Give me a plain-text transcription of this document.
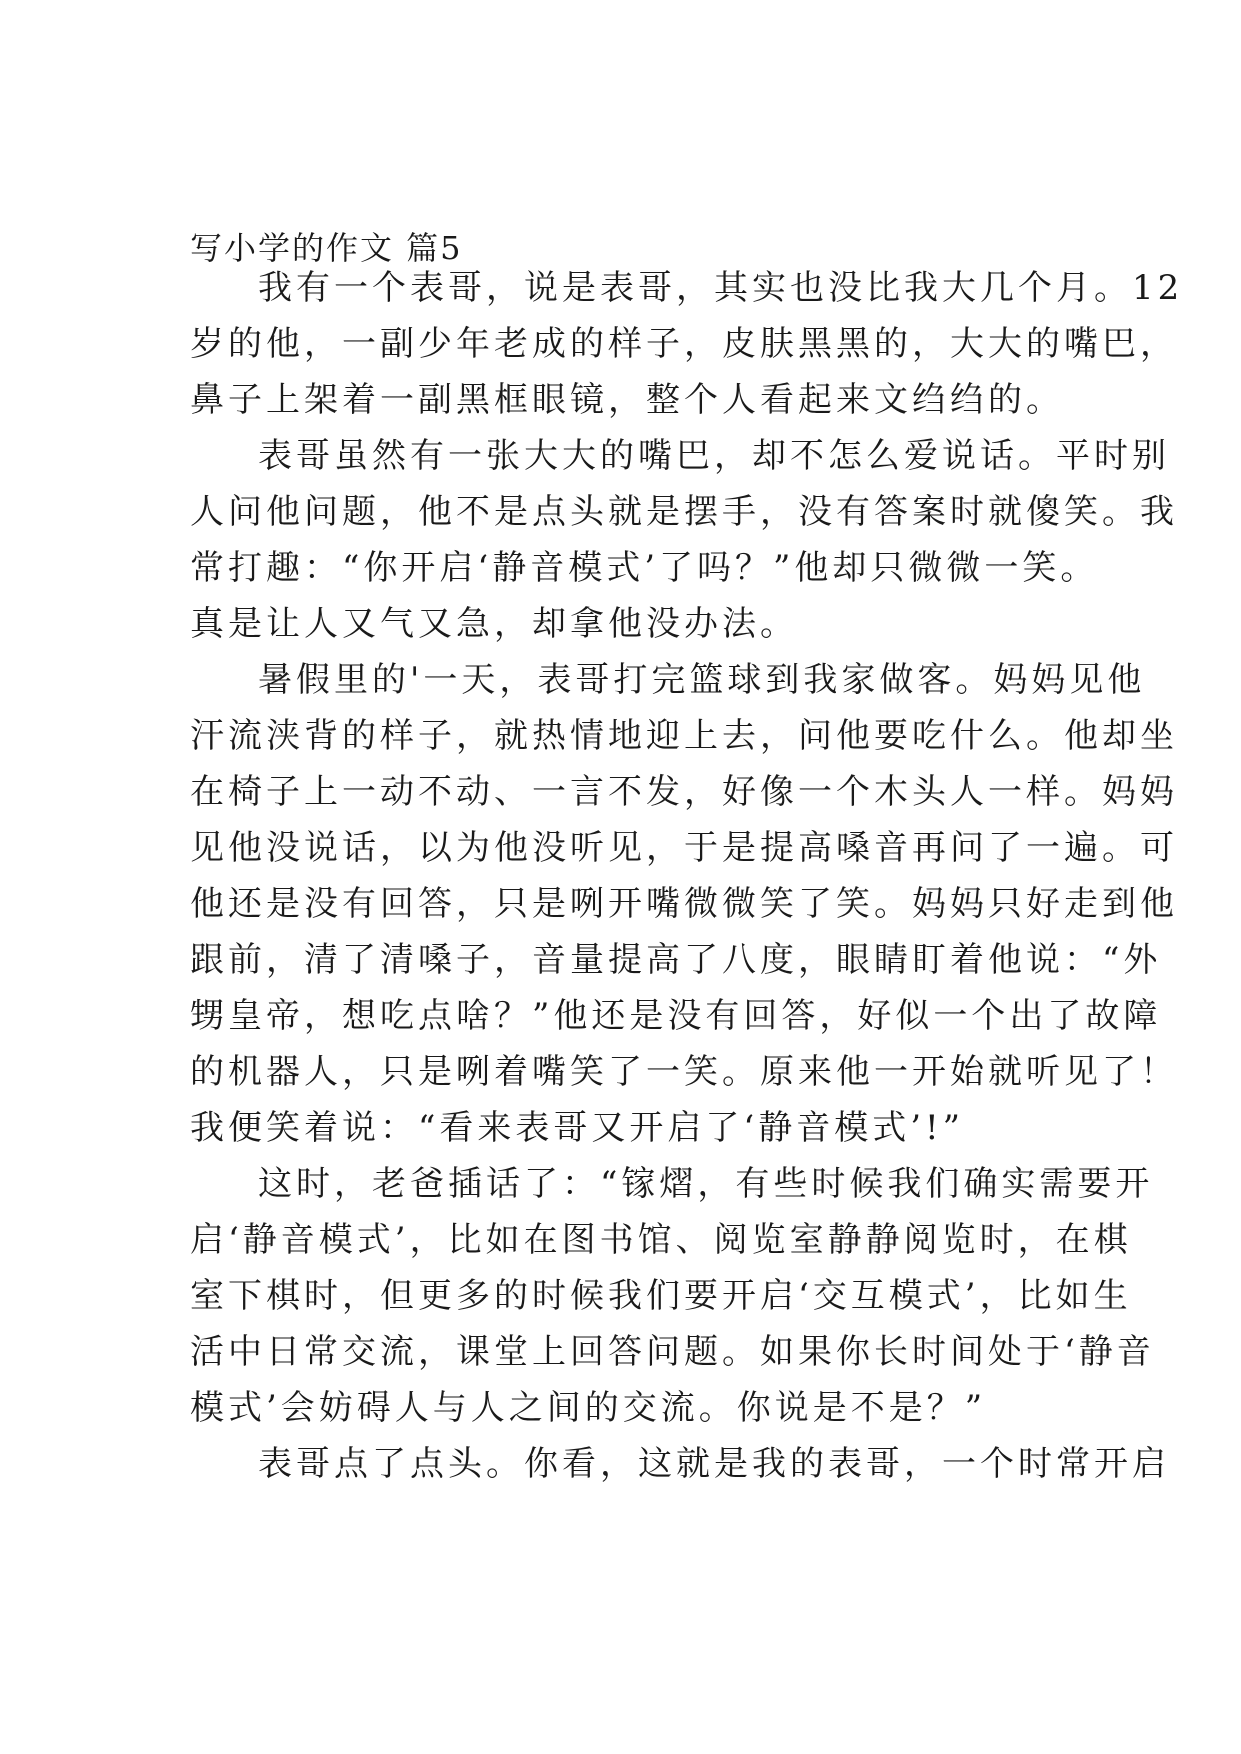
写小学的作文 篇5
我有一个表哥，说是表哥，其实也没比我大几个月。12
岁的他，一副少年老成的样子，皮肤黑黑的，大大的嘴巴，
鼻子上架着一副黑框眼镜，整个人看起来文绉绉的。
表哥虽然有一张大大的嘴巴，却不怎么爱说话。平时别
人问他问题，他不是点头就是摆手，没有答案时就傻笑。我
常打趣：“你开启‘静音模式’了吗？”他却只微微一笑。
真是让人又气又急，却拿他没办法。
暑假里的'一天，表哥打完篮球到我家做客。妈妈见他
汗流浃背的样子，就热情地迎上去，问他要吃什么。他却坐
在椅子上一动不动、一言不发，好像一个木头人一样。妈妈
见他没说话，以为他没听见，于是提高嗓音再问了一遍。可
他还是没有回答，只是咧开嘴微微笑了笑。妈妈只好走到他
跟前，清了清嗓子，音量提高了八度，眼睛盯着他说：“外
甥皇帝，想吃点啥？”他还是没有回答，好似一个出了故障
的机器人，只是咧着嘴笑了一笑。原来他一开始就听见了！
我便笑着说：“看来表哥又开启了‘静音模式’!”
这时，老爸插话了：“镓熠，有些时候我们确实需要开
启‘静音模式’，比如在图书馆、阅览室静静阅览时，在棋
室下棋时，但更多的时候我们要开启‘交互模式’，比如生
活中日常交流，课堂上回答问题。如果你长时间处于‘静音
模式’会妨碍人与人之间的交流。你说是不是？”
表哥点了点头。你看，这就是我的表哥，一个时常开启
